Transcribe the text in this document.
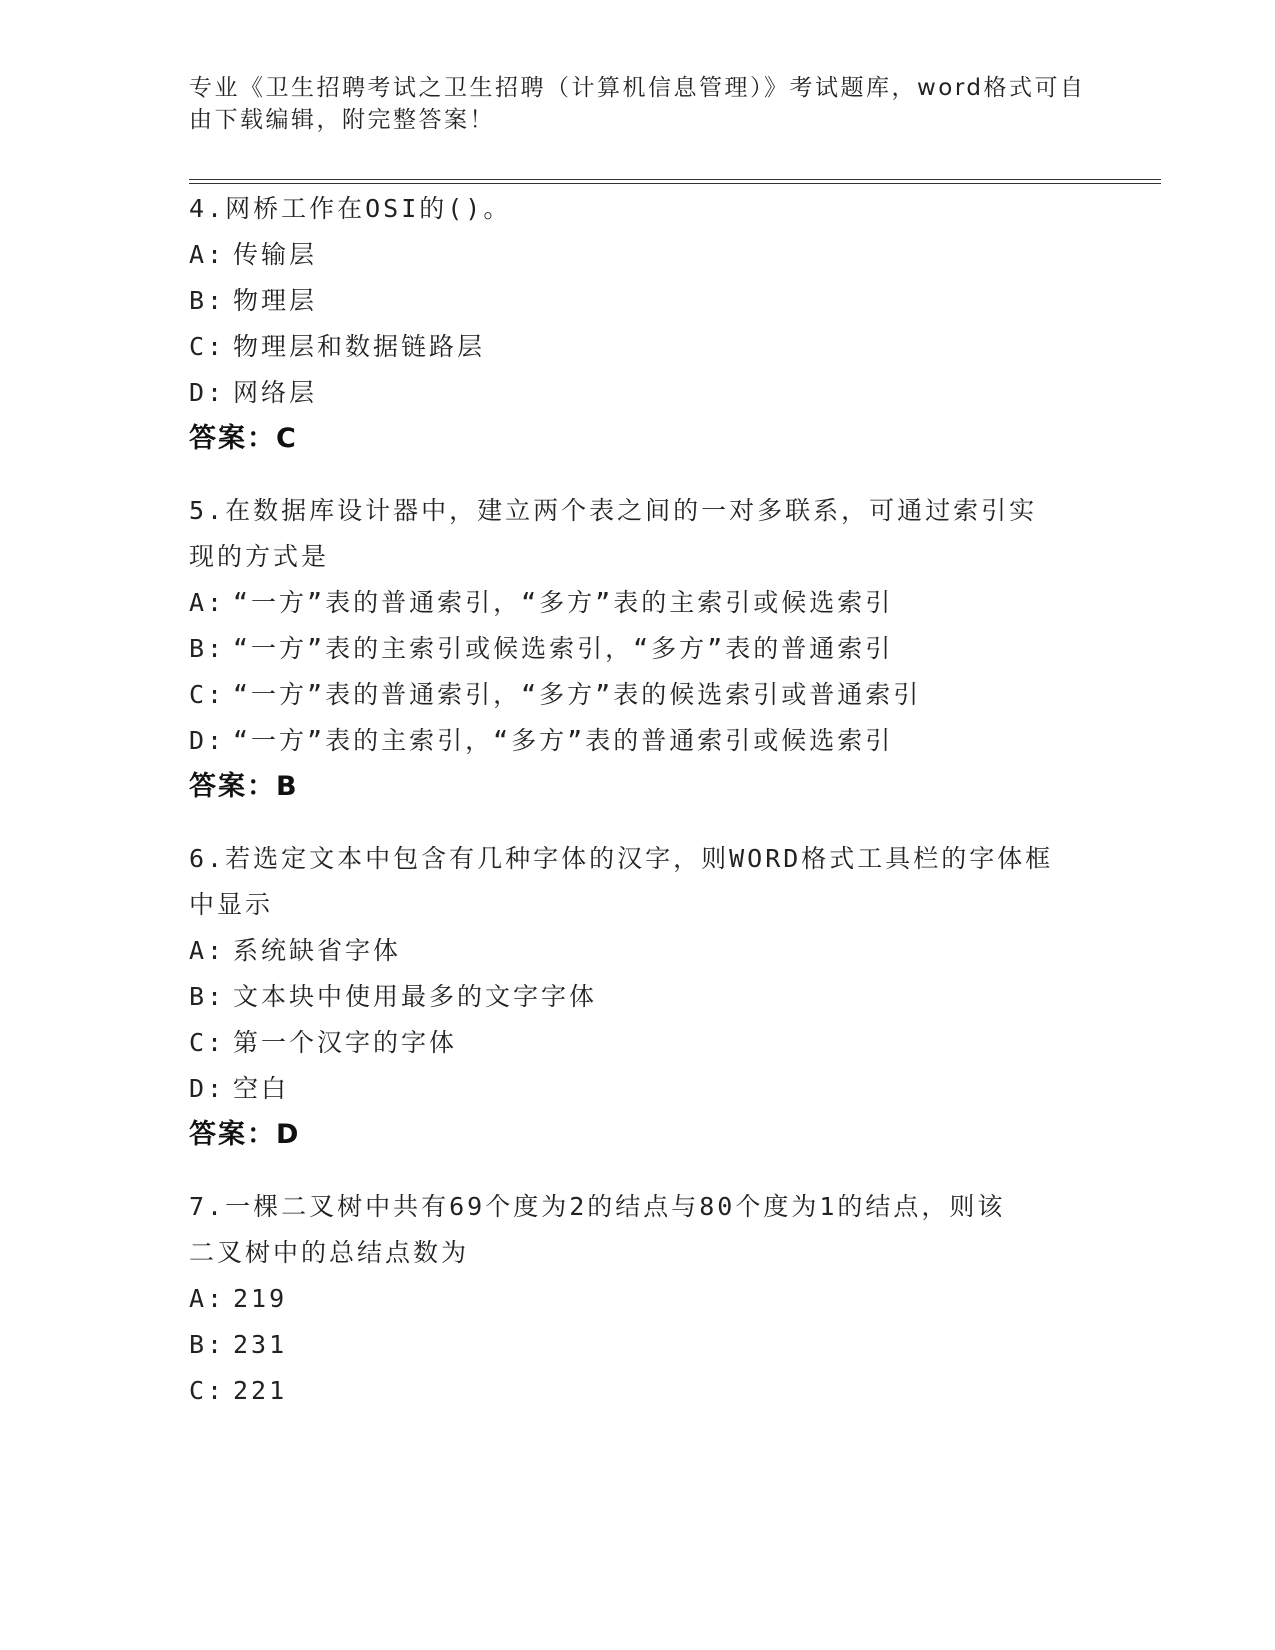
专业《卫生招聘考试之卫生招聘（计算机信息管理）》考试题库，word格式可自
由下载编辑，附完整答案！
4.网桥工作在OSI的()。
A: 传输层
B: 物理层
C: 物理层和数据链路层
D: 网络层
答案：C
5.在数据库设计器中，建立两个表之间的一对多联系，可通过索引实
现的方式是
A: “一方”表的普通索引，“多方”表的主索引或候选索引
B: “一方”表的主索引或候选索引，“多方”表的普通索引
C: “一方”表的普通索引，“多方”表的候选索引或普通索引
D: “一方”表的主索引，“多方”表的普通索引或候选索引
答案：B
6.若选定文本中包含有几种字体的汉字，则WORD格式工具栏的字体框
中显示
A: 系统缺省字体
B: 文本块中使用最多的文字字体
C: 第一个汉字的字体
D: 空白
答案：D
7.一棵二叉树中共有69个度为2的结点与80个度为1的结点，则该
二叉树中的总结点数为
A: 219
B: 231
C: 221
